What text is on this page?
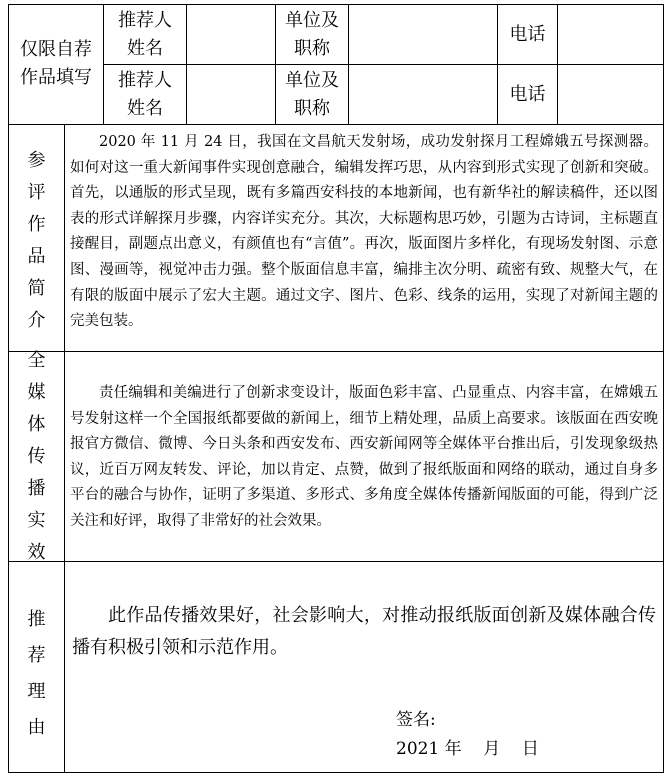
仅限自荐作品填写
推荐人姓名
单位及职称
电话
推荐人姓名
单位及职称
电话
参
评
作
品
简
介
2020 年 11 月 24 日，我国在文昌航天发射场，成功发射探月工程嫦娥五号探测器。如何对这一重大新闻事件实现创意融合，编辑发挥巧思，从内容到形式实现了创新和突破。首先，以通版的形式呈现，既有多篇西安科技的本地新闻，也有新华社的解读稿件，还以图表的形式详解探月步骤，内容详实充分。其次，大标题构思巧妙，引题为古诗词，主标题直接醒目，副题点出意义，有颜值也有“言值”。再次，版面图片多样化，有现场发射图、示意图、漫画等，视觉冲击力强。整个版面信息丰富，编排主次分明、疏密有致、规整大气，在有限的版面中展示了宏大主题。通过文字、图片、色彩、线条的运用，实现了对新闻主题的完美包装。
全
媒
体
传
播
实
效
责任编辑和美编进行了创新求变设计，版面色彩丰富、凸显重点、内容丰富，在嫦娥五号发射这样一个全国报纸都要做的新闻上，细节上精处理，品质上高要求。该版面在西安晚报官方微信、微博、今日头条和西安发布、西安新闻网等全媒体平台推出后，引发现象级热议，近百万网友转发、评论，加以肯定、点赞，做到了报纸版面和网络的联动，通过自身多平台的融合与协作，证明了多渠道、多形式、多角度全媒体传播新闻版面的可能，得到广泛关注和好评，取得了非常好的社会效果。
推
荐
理
由
此作品传播效果好，社会影响大，对推动报纸版面创新及媒体融合传播有积极引领和示范作用。
签名:
2021 年    月    日
